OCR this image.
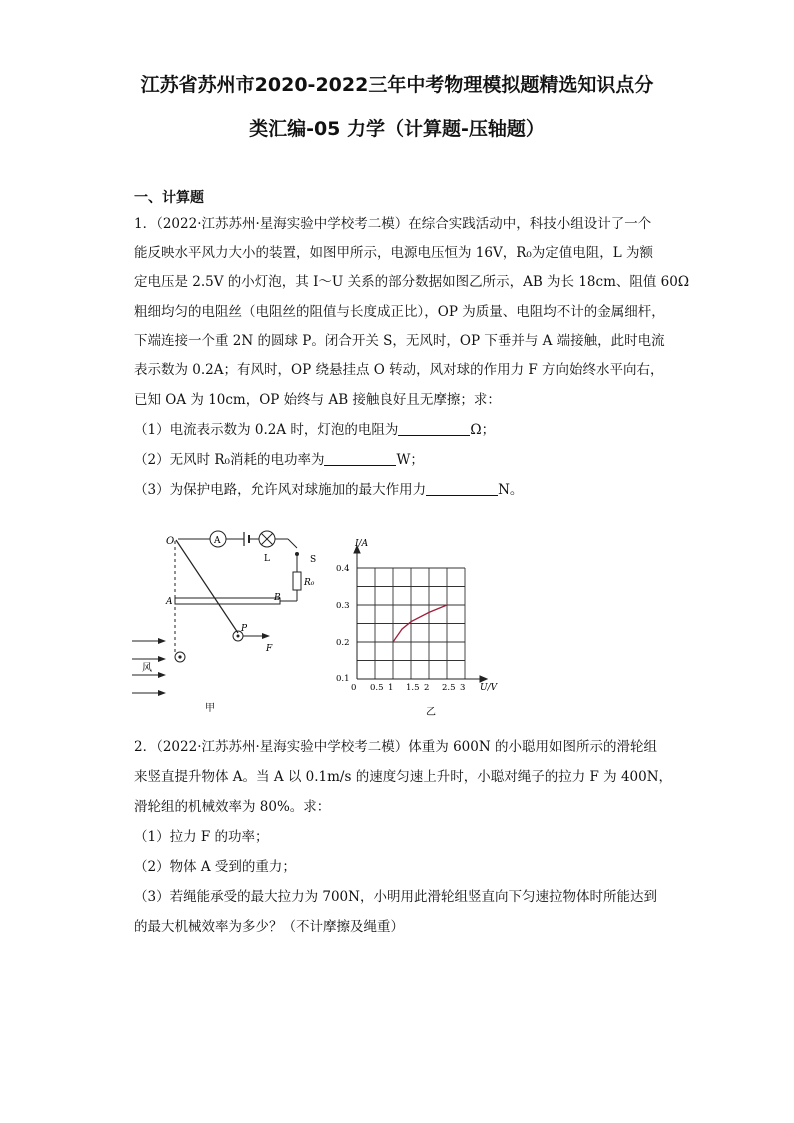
江苏省苏州市2020-2022三年中考物理模拟题精选知识点分
类汇编-05 力学（计算题-压轴题）
一、计算题
1．（2022·江苏苏州·星海实验中学校考二模）在综合实践活动中，科技小组设计了一个
能反映水平风力大小的装置，如图甲所示，电源电压恒为 16V，R₀为定值电阻，L 为额
定电压是 2.5V 的小灯泡，其 I～U 关系的部分数据如图乙所示，AB 为长 18cm、阻值 60Ω
粗细均匀的电阻丝（电阻丝的阻值与长度成正比），OP 为质量、电阻均不计的金属细杆，
下端连接一个重 2N 的圆球 P。闭合开关 S，无风时，OP 下垂并与 A 端接触，此时电流
表示数为 0.2A；有风时，OP 绕悬挂点 O 转动，风对球的作用力 F 方向始终水平向右，
已知 OA 为 10cm，OP 始终与 AB 接触良好且无摩擦；求：
（1）电流表示数为 0.2A 时，灯泡的电阻为	Ω；
（2）无风时 R₀消耗的电功率为	W；
（3）为保护电路，允许风对球施加的最大作用力	N。
O	A
L	S
R₀
A	B
P
F
风
甲
0 0.5 1 1.5 2 2.5 3
0.1
0.2
0.3
0.4
I/A
U/V
乙
2．（2022·江苏苏州·星海实验中学校考二模）体重为 600N 的小聪用如图所示的滑轮组
来竖直提升物体 A。当 A 以 0.1m/s 的速度匀速上升时，小聪对绳子的拉力 F 为 400N，
滑轮组的机械效率为 80%。求：
（1）拉力 F 的功率；
（2）物体 A 受到的重力；
（3）若绳能承受的最大拉力为 700N，小明用此滑轮组竖直向下匀速拉物体时所能达到
的最大机械效率为多少？（不计摩擦及绳重）
